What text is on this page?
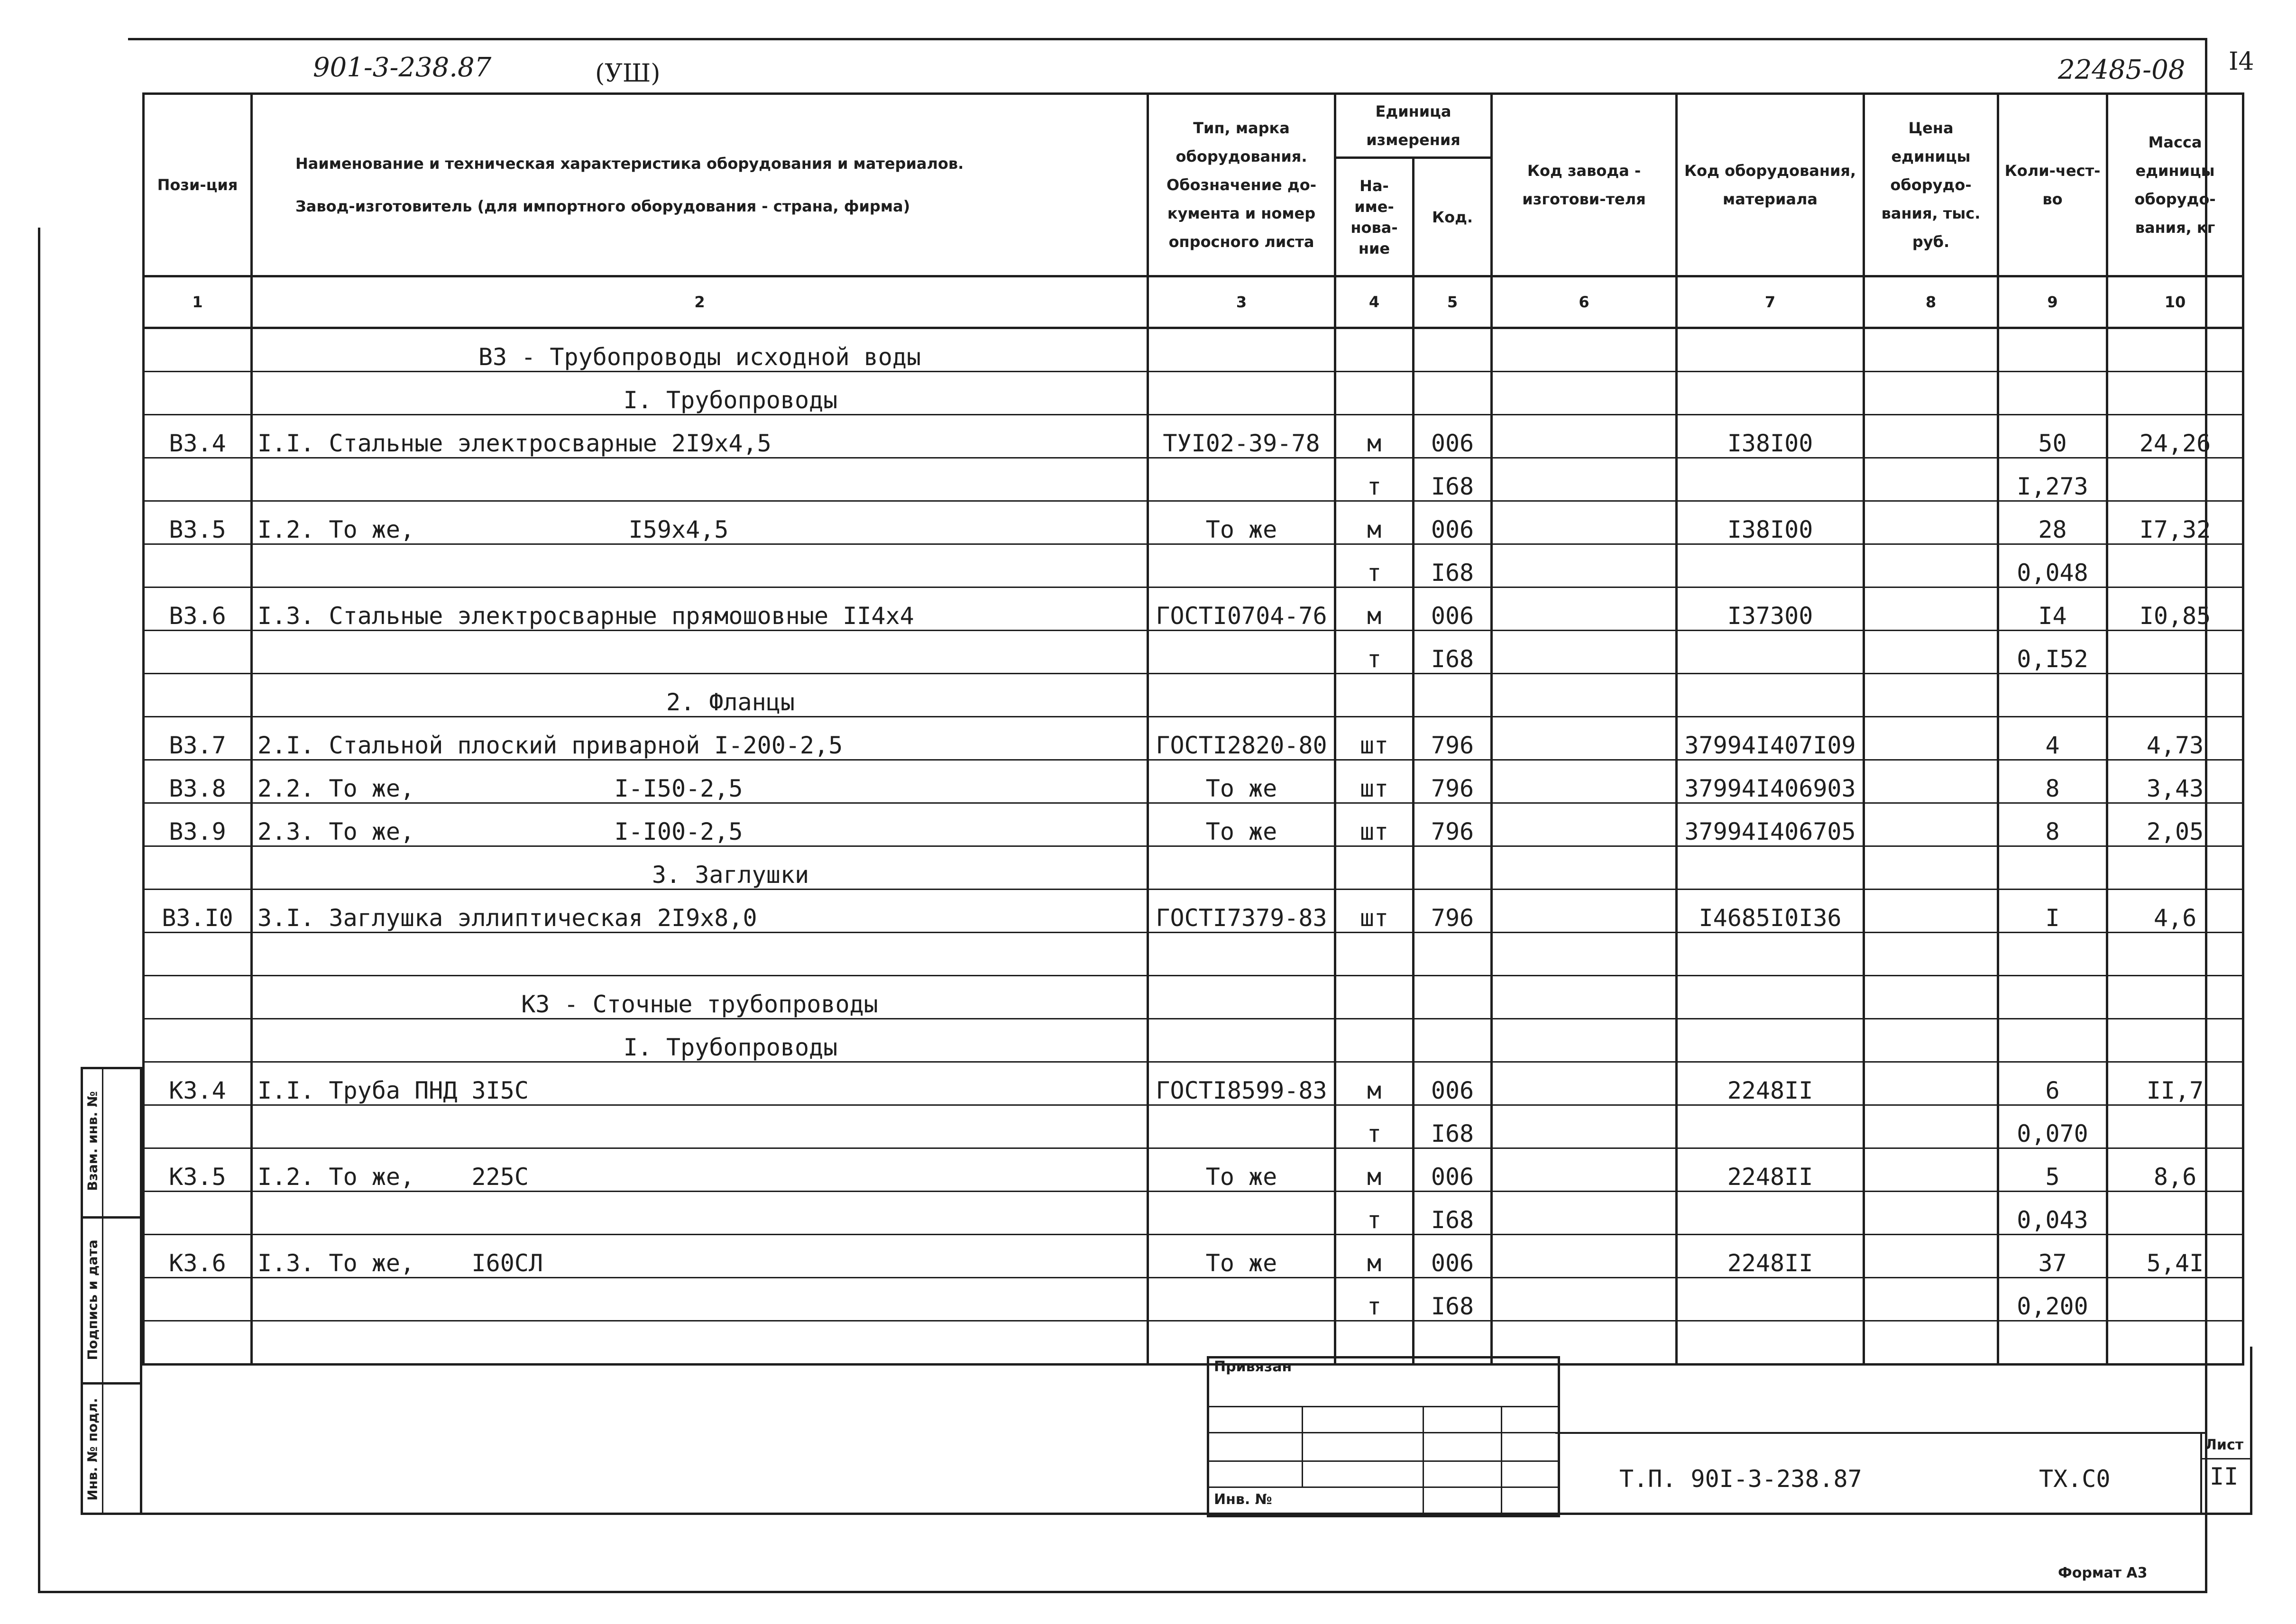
901-3-238.87	(УШ)	22485-08 I4
Пози-ция	Наименование и техническая характеристика оборудования и материалов.
Завод-изготовитель (для импортного оборудования - страна, фирма)	Тип, марка оборудования. Обозначение до-кумента и номер опросного листа	Единица измерения		Код завода - изготови-теля	Код оборудования, материала	Цена единицы оборудо-вания, тыс. руб.	Коли-чест-во	Масса единицы оборудо-вания, кг
			На-име-нова-ние	Код.					
1	2	3	4	5	6	7	8	9	10
	В3 - Трубопроводы исходной воды								
	I. Трубопроводы								
В3.4	I.I. Стальные электросварные 2I9х4,5	ТУI02-39-78	м	006		I38I00		50	24,26
			т	I68				I,273	
В3.5	I.2. То же,               I59х4,5	То же	м	006		I38I00		28	I7,32
			т	I68				0,048	
В3.6	I.3. Стальные электросварные прямошовные II4х4	ГОСТI0704-76	м	006		I37300		I4	I0,85
			т	I68				0,I52	
	2. Фланцы								
В3.7	2.I. Стальной плоский приварной I-200-2,5	ГОСТI2820-80	шт	796		37994I407I09		4	4,73
В3.8	2.2. То же,              I-I50-2,5	То же	шт	796		37994I406903		8	3,43
В3.9	2.3. То же,              I-I00-2,5	То же	шт	796		37994I406705		8	2,05
	3. Заглушки								
В3.I0	3.I. Заглушка эллиптическая 2I9х8,0	ГОСТI7379-83	шт	796		I4685I0I36		I	4,6

	К3 - Сточные трубопроводы								
	I. Трубопроводы								
К3.4	I.I. Труба ПНД 3I5С	ГОСТI8599-83	м	006		2248II		6	II,7
			т	I68				0,070	
К3.5	I.2. То же,    225С	То же	м	006		2248II		5	8,6
			т	I68				0,043	
К3.6	I.3. То же,    I60СЛ	То же	м	006		2248II		37	5,4I
			т	I68				0,200	

Привязан
Инв. №
Т.П. 90I-3-238.87	ТХ.С0
Лист
II
Формат А3
Взам. инв. №
Подпись и дата
Инв. № подл.
